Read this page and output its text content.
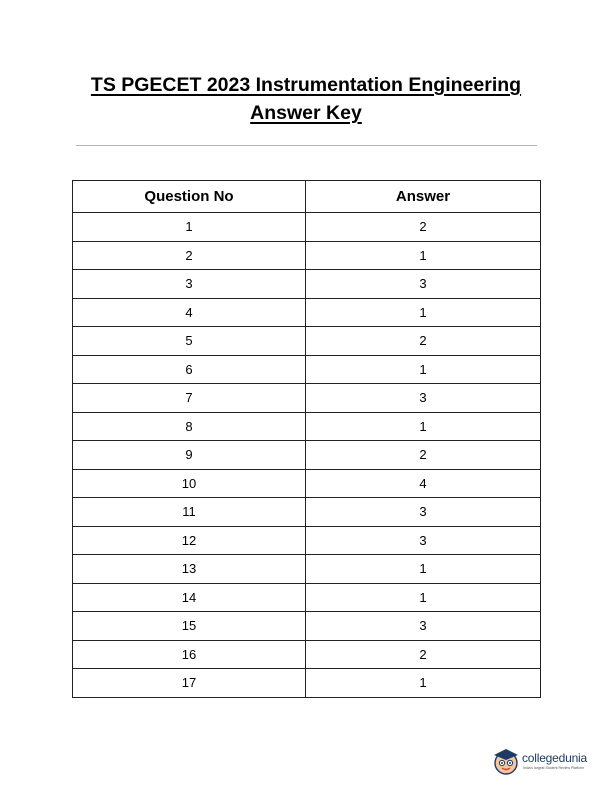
TS PGECET 2023 Instrumentation Engineering
Answer Key
Question No	Answer
1	2
2	1
3	3
4	1
5	2
6	1
7	3
8	1
9	2
10	4
11	3
12	3
13	1
14	1
15	3
16	2
17	1
collegedunia
India's largest Student Review Platform
